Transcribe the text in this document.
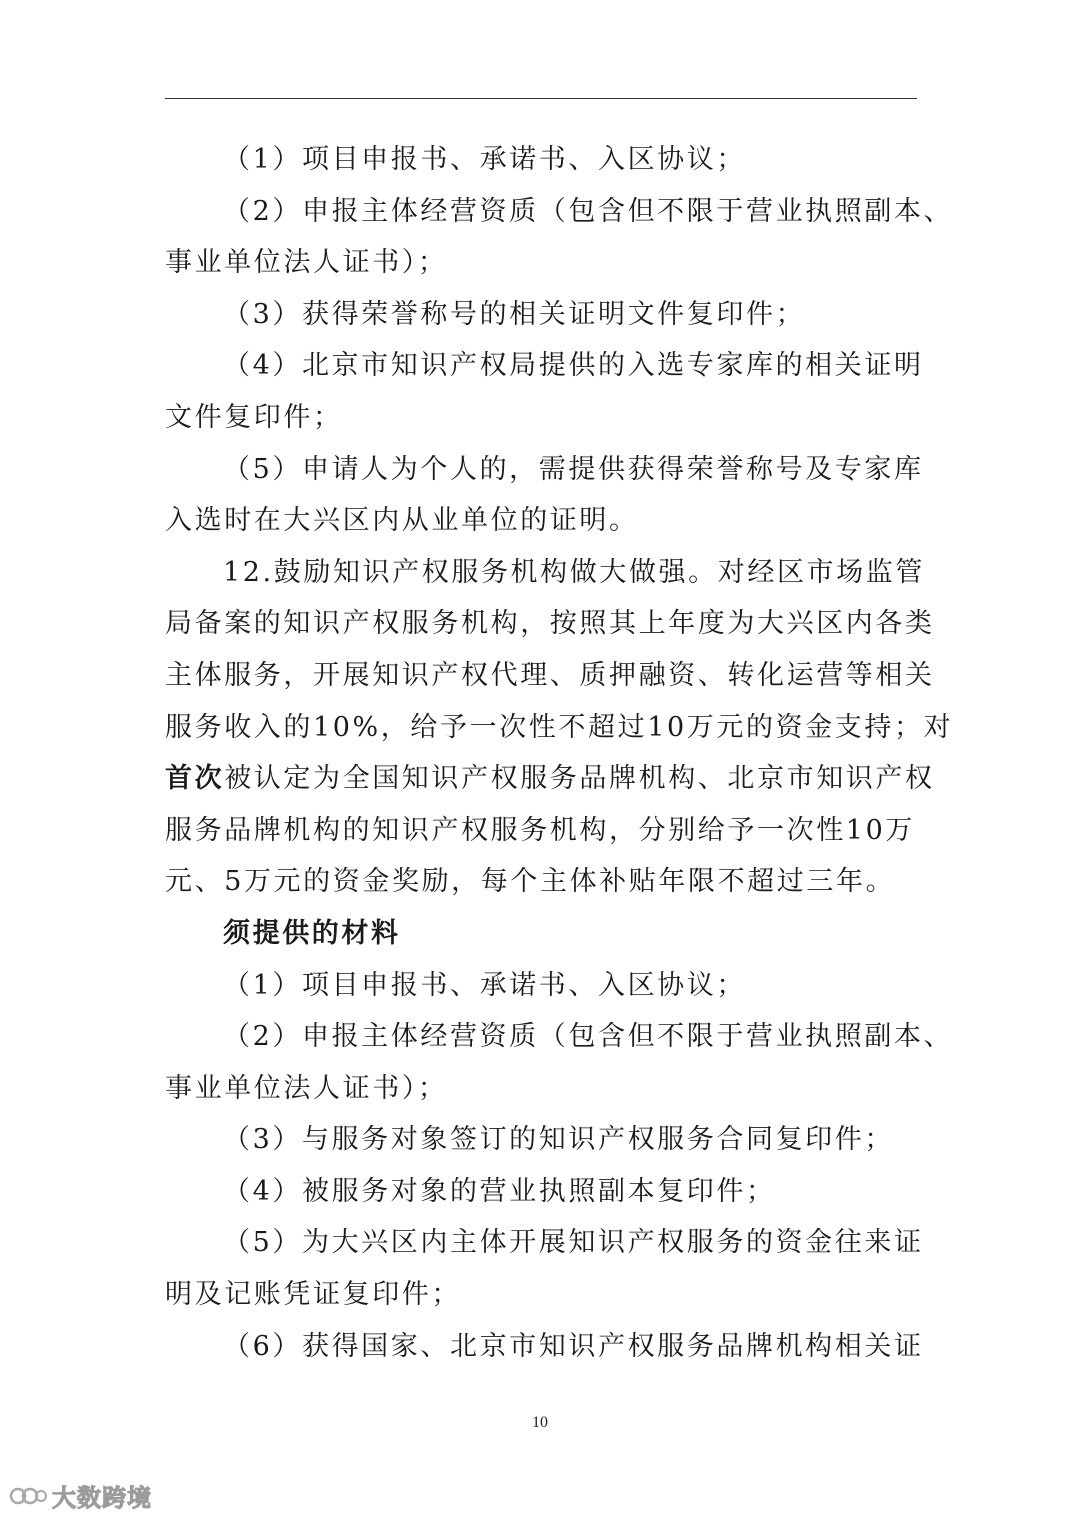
（1）项目申报书、承诺书、入区协议；
（2）申报主体经营资质（包含但不限于营业执照副本、
事业单位法人证书）；
（3）获得荣誉称号的相关证明文件复印件；
（4）北京市知识产权局提供的入选专家库的相关证明
文件复印件；
（5）申请人为个人的，需提供获得荣誉称号及专家库
入选时在大兴区内从业单位的证明。
12.鼓励知识产权服务机构做大做强。对经区市场监管
局备案的知识产权服务机构，按照其上年度为大兴区内各类
主体服务，开展知识产权代理、质押融资、转化运营等相关
服务收入的10%，给予一次性不超过10万元的资金支持；对
首次被认定为全国知识产权服务品牌机构、北京市知识产权
服务品牌机构的知识产权服务机构，分别给予一次性10万
元、5万元的资金奖励，每个主体补贴年限不超过三年。
须提供的材料
（1）项目申报书、承诺书、入区协议；
（2）申报主体经营资质（包含但不限于营业执照副本、
事业单位法人证书）；
（3）与服务对象签订的知识产权服务合同复印件；
（4）被服务对象的营业执照副本复印件；
（5）为大兴区内主体开展知识产权服务的资金往来证
明及记账凭证复印件；
（6）获得国家、北京市知识产权服务品牌机构相关证
10
大数跨境
